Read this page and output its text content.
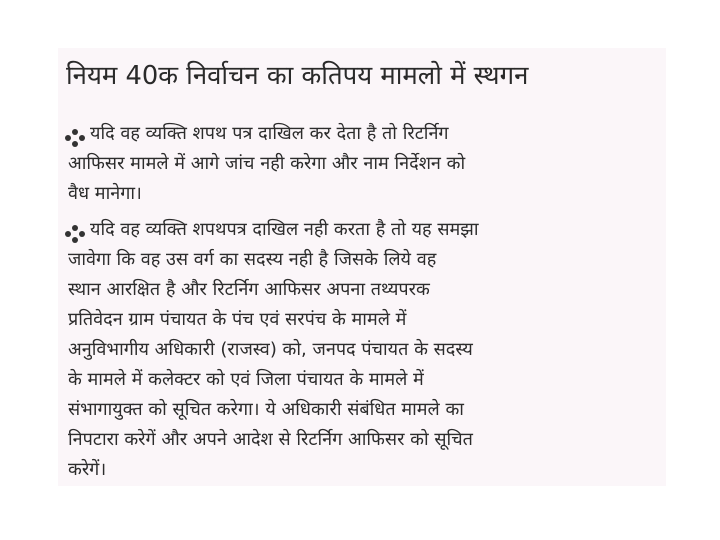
नियम 40क निर्वाचन का कतिपय मामलो में स्थगन
यदि वह व्यक्ति शपथ पत्र दाखिल कर देता है तो रिटर्निग
आफिसर मामले में आगे जांच नही करेगा और नाम निर्देशन को
वैध मानेगा।
यदि वह व्यक्ति शपथपत्र दाखिल नही करता है तो यह समझा
जावेगा कि वह उस वर्ग का सदस्य नही है जिसके लिये वह
स्थान आरक्षित है और रिटर्निग आफिसर अपना तथ्यपरक
प्रतिवेदन ग्राम पंचायत के पंच एवं सरपंच के मामले में
अनुविभागीय अधिकारी (राजस्व) को, जनपद पंचायत के सदस्य
के मामले में कलेक्टर को एवं जिला पंचायत के मामले में
संभागायुक्त को सूचित करेगा। ये अधिकारी संबंधित मामले का
निपटारा करेगें और अपने आदेश से रिटर्निग आफिसर को सूचित
करेगें।
